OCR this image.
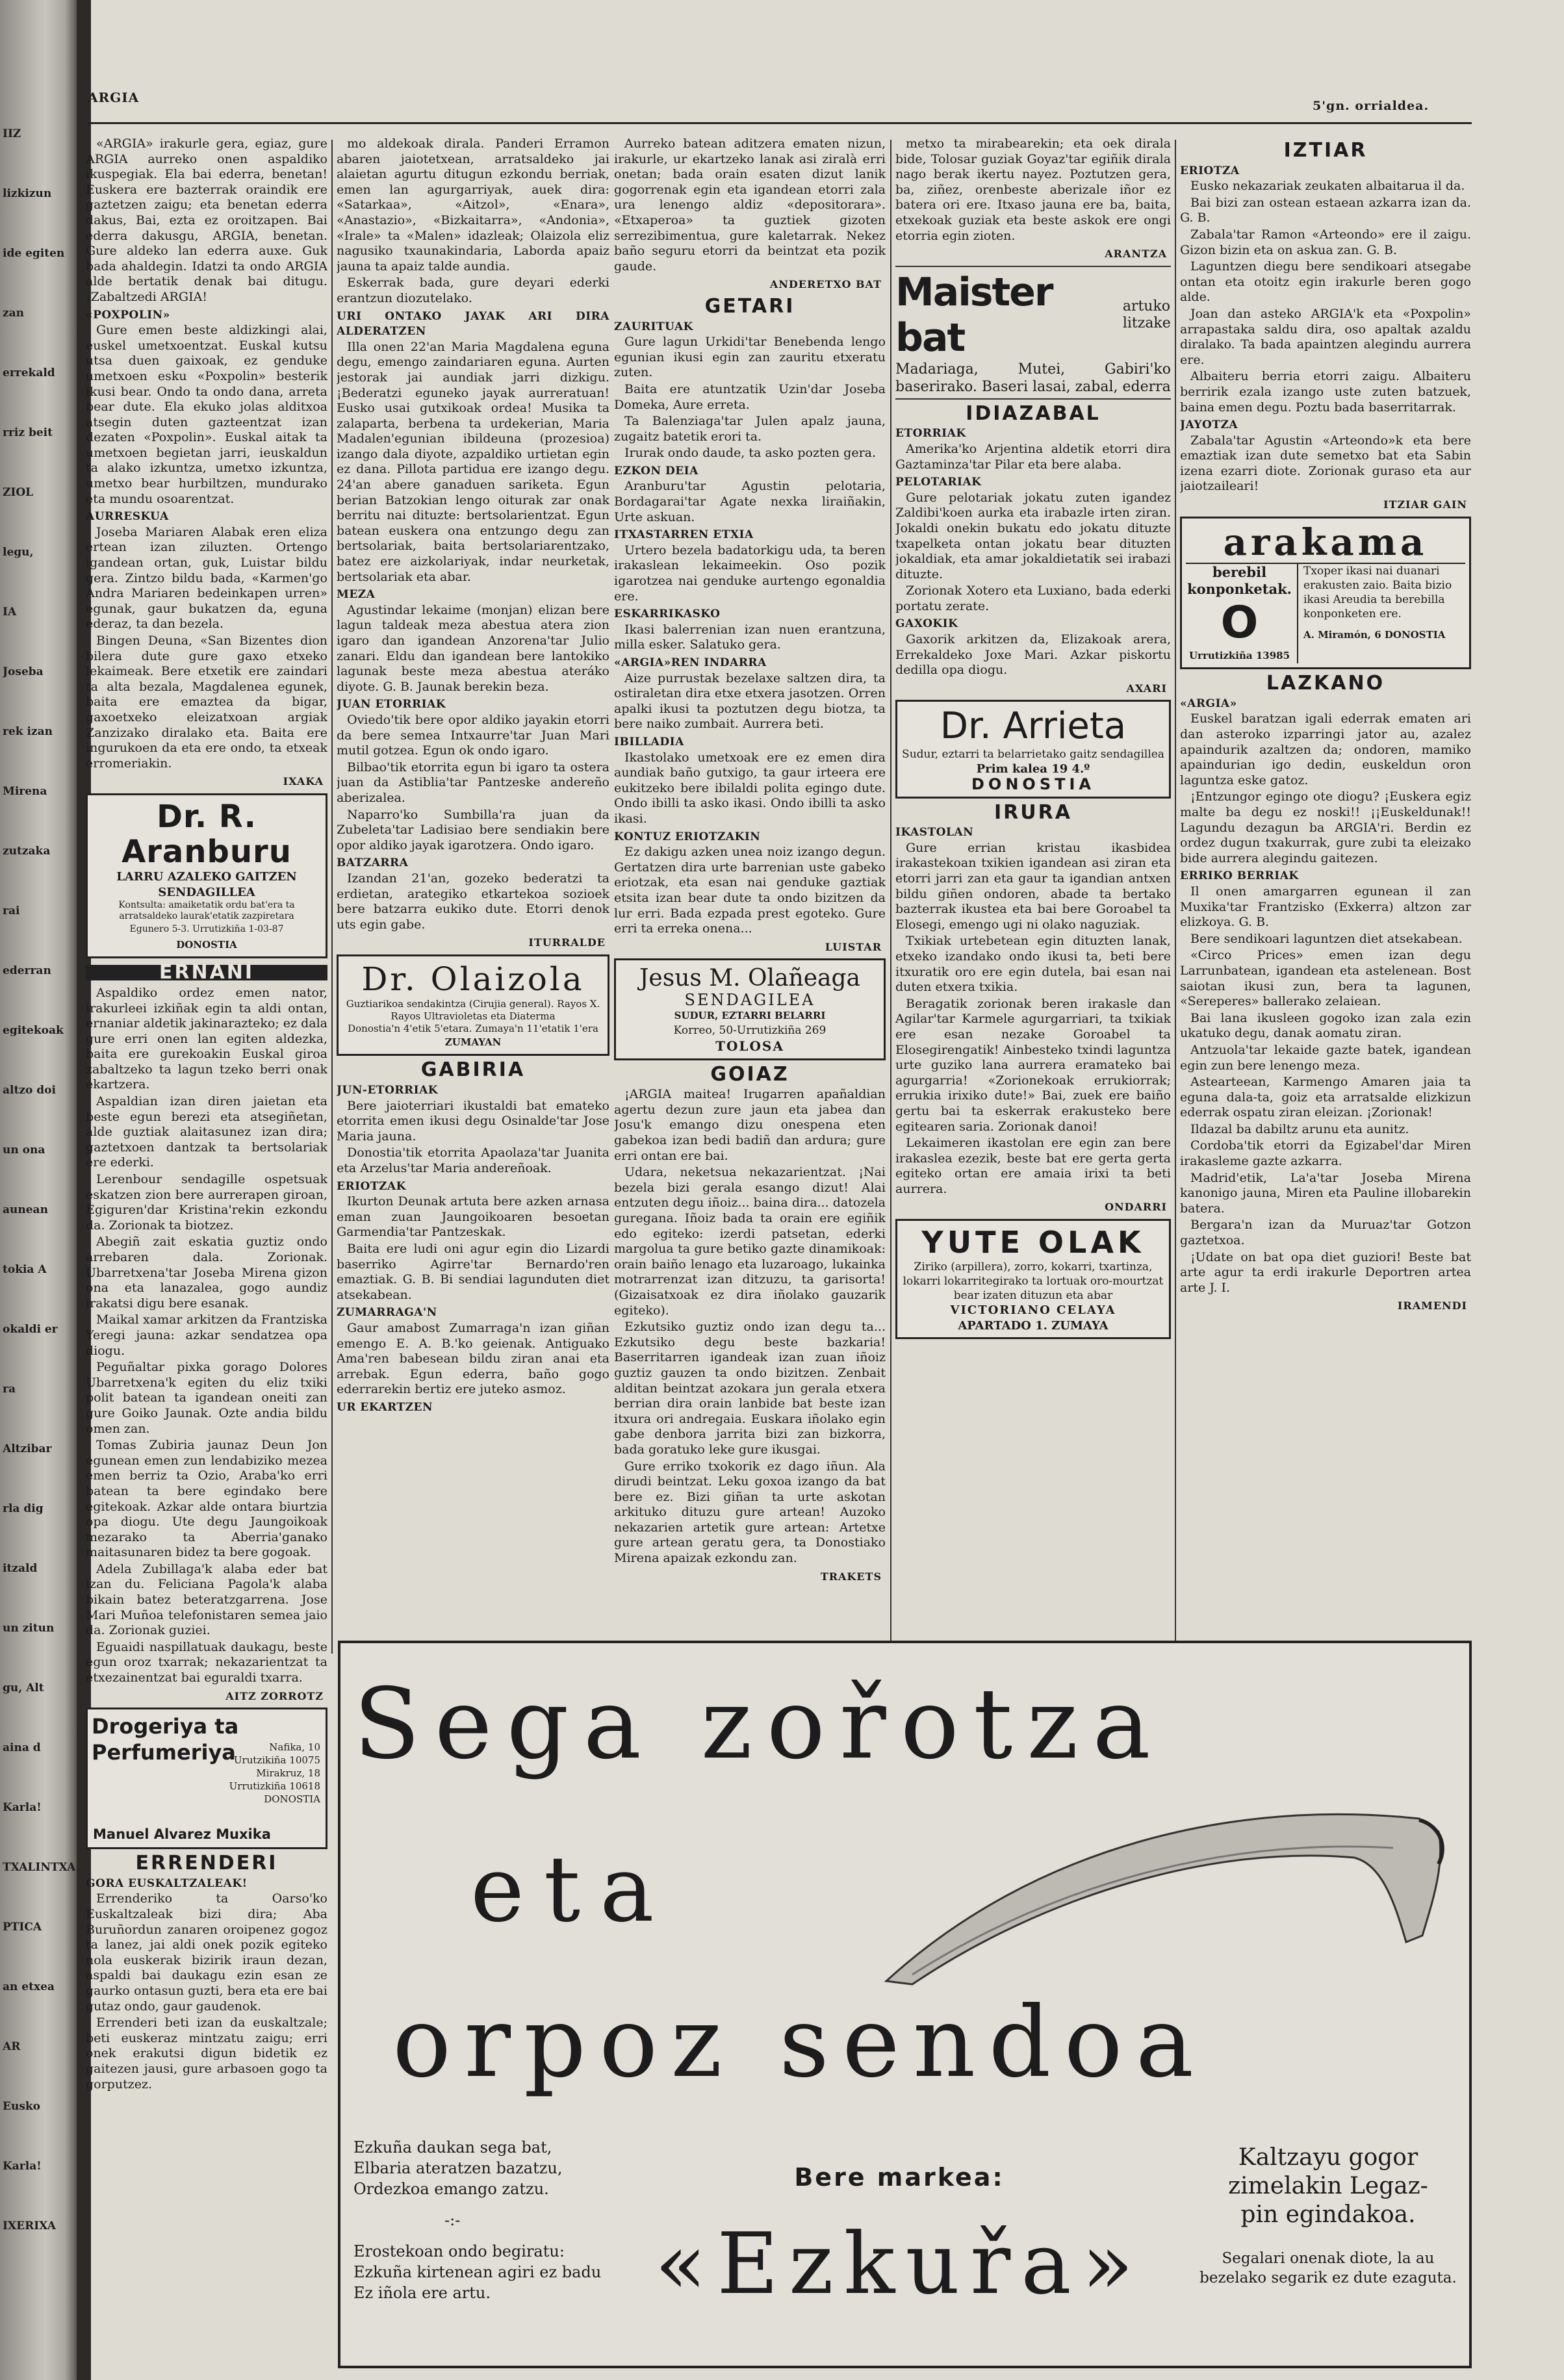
IIZ
lizkizun
ide egiten
zan
errekald
rriz beit
ZIOL
legu,
IA
Joseba
rek izan
Mirena
zutzaka
rai
ederran
egitekoak
altzo doi
un ona
aunean
tokia A
okaldi er
ra
Altzibar
rla dig
itzald
un zitun
gu, Alt
aina d
Karla!
TXALINTXA
PTICA
an etxea
AR
Eusko
Karla!
IXERIXA
ARGIA
5'gn. orrialdea.

«ARGIA» irakurle gera, egiaz, gure ARGIA aurreko onen aspaldiko ikuspegiak. Ela bai ederra, benetan! Euskera ere bazterrak oraindik ere gaztetzen zaigu; eta benetan ederra dakus, Bai, ezta ez oroitzapen. Bai ederra dakusgu, ARGIA, benetan. Gure aldeko lan ederra auxe. Guk bada ahaldegin. Idatzi ta ondo ARGIA alde bertatik denak bai ditugu. ¡Zabaltzedi ARGIA!

«POXPOLIN»

Gure emen beste aldizkingi alai, euskel umetxoentzat. Euskal kutsu utsa duen gaixoak, ez genduke umetxoen esku «Poxpolin» besterik ikusi bear. Ondo ta ondo dana, arreta bear dute. Ela ekuko jolas alditxoa atsegin duten gazteentzat izan dezaten «Poxpolin». Euskal aitak ta umetxoen begietan jarri, ieuskaldun ta alako izkuntza, umetxo izkuntza, umetxo bear hurbiltzen, mundurako eta mundu osoarentzat.

AURRESKUA

Joseba Mariaren Alabak eren eliza ertean izan ziluzten. Ortengo igandean ortan, guk, Luistar bildu gera. Zintzo bildu bada, «Karmen'go Andra Mariaren bedeinkapen urren» egunak, gaur bukatzen da, eguna ederaz, ta dan bezela.

Bingen Deuna, «San Bizentes dion bilera dute gure gaxo etxeko lekaimeak. Bere etxetik ere zaindari ta alta bezala, Magdalenea egunek, baita ere emaztea da bigar, gaxoetxeko eleizatxoan argiak Zanzizako diralako eta. Baita ere ingurukoen da eta ere ondo, ta etxeak erromeriakin.

IXAKA
Dr. R. Aranburu
LARRU AZALEKO GAITZEN
SENDAGILLEA
Kontsulta: amaiketatik ordu bat'era ta arratsaldeko laurak'etatik zazpiretara
Egunero 5-3. Urrutizkiña 1-03-87
DONOSTIA
ERNANI

Aspaldiko ordez emen nator, irakurleei izkiñak egin ta aldi ontan, ernaniar aldetik jakinarazteko; ez dala gure erri onen lan egiten aldezka, baita ere gurekoakin Euskal giroa zabaltzeko ta lagun tzeko berri onak ekartzera.

Aspaldian izan diren jaietan eta beste egun berezi eta atsegiñetan, alde guztiak alaitasunez izan dira; gaztetxoen dantzak ta bertsolariak ere ederki.

Lerenbour sendagille ospetsuak eskatzen zion bere aurrerapen giroan, Egiguren'dar Kristina'rekin ezkondu da. Zorionak ta biotzez.

Abegiñ zait eskatia guztiz ondo arrebaren dala. Zorionak. Ubarretxena'tar Joseba Mirena gizon ona eta lanazalea, gogo aundiz irakatsi digu bere esanak.

Maikal xamar arkitzen da Frantziska Yeregi jauna: azkar sendatzea opa diogu.

Peguñaltar pixka gorago Dolores Ubarretxena'k egiten du eliz txiki polit batean ta igandean oneiti zan gure Goiko Jaunak. Ozte andia bildu omen zan.

Tomas Zubiria jaunaz Deun Jon egunean emen zun lendabiziko mezea emen berriz ta Ozio, Araba'ko erri batean ta bere egindako bere egitekoak. Azkar alde ontara biurtzia opa diogu. Ute degu Jaungoikoak mezarako ta Aberria'ganako maitasunaren bidez ta bere gogoak.

Adela Zubillaga'k alaba eder bat izan du. Feliciana Pagola'k alaba bikain batez beteratzgarrena. Jose Mari Muñoa telefonistaren semea jaio da. Zorionak guziei.

Eguaidi naspillatuak daukagu, beste egun oroz txarrak; nekazarientzat ta etxezainentzat bai eguraldi txarra.

AITZ ZORROTZ
Drogeriya ta
Perfumeriya	Nafika, 10 Urutzikiña 10075 Mirakruz, 18 Urrutizkiña 10618 DONOSTIA
Manuel Alvarez Muxika
ERRENDERI
GORA EUSKALTZALEAK!

Errenderiko ta Oarso'ko Euskaltzaleak bizi dira; Aba Buruñordun zanaren oroipenez gogoz ta lanez, jai aldi onek pozik egiteko nola euskerak bizirik iraun dezan, aspaldi bai daukagu ezin esan ze gaurko ontasun guzti, bera eta ere bai gutaz ondo, gaur gaudenok.

Errenderi beti izan da euskaltzale; beti euskeraz mintzatu zaigu; erri onek erakutsi digun bidetik ez gaitezen jausi, gure arbasoen gogo ta gorputzez.

mo aldekoak dirala. Panderi Erramon abaren jaiotetxean, arratsaldeko jai alaietan agurtu ditugun ezkondu berriak, emen lan agurgarriyak, auek dira: «Satarkaa», «Aitzol», «Enara», «Anastazio», «Bizkaitarra», «Andonia», «Irale» ta «Malen» idazleak; Olaizola eliz nagusiko txaunakindaria, Laborda apaiz jauna ta apaiz talde aundia.

Eskerrak bada, gure deyari ederki erantzun diozutelako.

URI ONTAKO JAYAK ARI DIRA ALDERATZEN

Illa onen 22'an Maria Magdalena eguna degu, emengo zaindariaren eguna. Aurten jestorak jai aundiak jarri dizkigu. ¡Bederatzi eguneko jayak aurreratuan! Eusko usai gutxikoak ordea! Musika ta zalaparta, berbena ta urdekerian, Maria Madalen'egunian ibildeuna (prozesioa) izango dala diyote, azpaldiko urtietan egin ez dana. Pillota partidua ere izango degu. 24'an abere ganaduen sariketa. Egun berian Batzokian lengo oiturak zar onak berritu nai dituzte: bertsolarientzat. Egun batean euskera ona entzungo degu zan bertsolariak, baita bertsolariarentzako, batez ere aizkolariyak, indar neurketak, bertsolariak eta abar.

MEZA

Agustindar lekaime (monjan) elizan bere lagun taldeak meza abestua atera zion igaro dan igandean Anzorena'tar Julio zanari. Eldu dan igandean bere lantokiko lagunak beste meza abestua ateráko diyote. G. B. Jaunak berekin beza.

JUAN ETORRIAK

Oviedo'tik bere opor aldiko jayakin etorri da bere semea Intxaurre'tar Juan Mari mutil gotzea. Egun ok ondo igaro.

Bilbao'tik etorrita egun bi igaro ta ostera juan da Astiblia'tar Pantzeske andereño aberizalea.

Naparro'ko Sumbilla'ra juan da Zubeleta'tar Ladisiao bere sendiakin bere opor aldiko jayak igarotzera. Ondo igaro.

BATZARRA

Izandan 21'an, gozeko bederatzi ta erdietan, arategiko etkartekoa sozioek bere batzarra eukiko dute. Etorri denok uts egin gabe.

ITURRALDE
Dr. Olaizola
Guztiarikoa sendakintza (Cirujia general). Rayos X. Rayos Ultravioletas eta Diaterma
Donostia'n 4'etik 5'etara. Zumaya'n 11'etatik 1'era
ZUMAYAN
GABIRIA
JUN-ETORRIAK

Bere jaioterriari ikustaldi bat emateko etorrita emen ikusi degu Osinalde'tar Jose Maria jauna.

Donostia'tik etorrita Apaolaza'tar Juanita eta Arzelus'tar Maria andereñoak.

ERIOTZAK

Ikurton Deunak artuta bere azken arnasa eman zuan Jaungoikoaren besoetan Garmendia'tar Pantzeskak.

Baita ere ludi oni agur egin dio Lizardi baserriko Agirre'tar Bernardo'ren emaztiak. G. B. Bi sendiai lagunduten diet atsekabean.

ZUMARRAGA'N

Gaur amabost Zumarraga'n izan giñan emengo E. A. B.'ko geienak. Antiguako Ama'ren babesean bildu ziran anai eta arrebak. Egun ederra, baño gogo ederrarekin bertiz ere juteko asmoz.

UR EKARTZEN

Aurreko batean aditzera ematen nizun, irakurle, ur ekartzeko lanak asi ziralà erri onetan; bada orain esaten dizut lanik gogorrenak egin eta igandean etorri zala ura lenengo aldiz «depositorara». «Etxaperoa» ta guztiek gizoten serrezibimentua, gure kaletarrak. Nekez baño seguru etorri da beintzat eta pozik gaude.

ANDERETXO BAT
GETARI
ZAURITUAK

Gure lagun Urkidi'tar Benebenda lengo egunian ikusi egin zan zauritu etxeratu zuten.

Baita ere atuntzatik Uzin'dar Joseba Domeka, Aure erreta.

Ta Balenziaga'tar Julen apalz jauna, zugaitz batetik erori ta.

Irurak ondo daude, ta asko pozten gera.

EZKON DEIA

Aranburu'tar Agustin pelotaria, Bordagarai'tar Agate nexka liraiñakin, Urte askuan.

ITXASTARREN ETXIA

Urtero bezela badatorkigu uda, ta beren irakaslean lekaimeekin. Oso pozik igarotzea nai genduke aurtengo egonaldia ere.

ESKARRIKASKO

Ikasi balerrenian izan nuen erantzuna, milla esker. Salatuko gera.

«ARGIA»REN INDARRA

Aize purrustak bezelaxe saltzen dira, ta ostiraletan dira etxe etxera jasotzen. Orren apalki ikusi ta poztutzen degu biotza, ta bere naiko zumbait. Aurrera beti.

IBILLADIA

Ikastolako umetxoak ere ez emen dira aundiak baño gutxigo, ta gaur irteera ere eukitzeko bere ibilaldi polita egingo dute. Ondo ibilli ta asko ikasi. Ondo ibilli ta asko ikasi.

KONTUZ ERIOTZAKIN

Ez dakigu azken unea noiz izango degun. Gertatzen dira urte barrenian uste gabeko eriotzak, eta esan nai genduke gaztiak etsita izan bear dute ta ondo bizitzen da lur erri. Bada ezpada prest egoteko. Gure erri ta erreka onena...

LUISTAR
Jesus M. Olañeaga
SENDAGILEA
SUDUR, EZTARRI BELARRI
Korreo, 50-Urrutizkiña 269
TOLOSA
GOIAZ

¡ARGIA maitea! Irugarren apañaldian agertu dezun zure jaun eta jabea dan Josu'k emango dizu onespena eten gabekoa izan bedi badiñ dan ardura; gure erri ontan ere bai.

Udara, neketsua nekazarientzat. ¡Nai bezela bizi gerala esango dizut! Alai entzuten degu iñoiz... baina dira... datozela guregana. Iñoiz bada ta orain ere egiñik edo egiteko: izerdi patsetan, ederki margolua ta gure betiko gazte dinamikoak: orain baiño lenago eta luzaroago, lukainka motrarrenzat izan ditzuzu, ta garisorta! (Gizaisatxoak ez dira iñolako gauzarik egiteko).

Ezkutsiko guztiz ondo izan degu ta... Ezkutsiko degu beste bazkaria! Baserritarren igandeak izan zuan iñoiz guztiz gauzen ta ondo bizitzen. Zenbait alditan beintzat azokara jun gerala etxera berrian dira orain lanbide bat beste izan itxura ori andregaia. Euskara iñolako egin gabe denbora jarrita bizi zan bizkorra, bada goratuko leke gure ikusgai.

Gure erriko txokorik ez dago iñun. Ala dirudi beintzat. Leku goxoa izango da bat bere ez. Bizi giñan ta urte askotan arkituko dituzu gure artean! Auzoko nekazarien artetik gure artean: Artetxe gure artean geratu gera, ta Donostiako Mirena apaizak ezkondu zan.

TRAKETS

metxo ta mirabearekin; eta oek dirala bide, Tolosar guziak Goyaz'tar egiñik dirala nago berak ikertu nayez. Poztutzen gera, ba, ziñez, orenbeste aberizale iñor ez batera ori ere. Itxaso jauna ere ba, baita, etxekoak guziak eta beste askok ere ongi etorria egin zioten.

ARANTZA
Maister bat
artuko litzake
Madariaga, Mutei, Gabiri'ko baserirako. Baseri lasai, zabal, ederra
IDIAZABAL
ETORRIAK

Amerika'ko Arjentina aldetik etorri dira Gaztaminza'tar Pilar eta bere alaba.

PELOTARIAK

Gure pelotariak jokatu zuten igandez Zaldibi'koen aurka eta irabazle irten ziran. Jokaldi onekin bukatu edo jokatu dituzte txapelketa ontan jokatu bear dituzten jokaldiak, eta amar jokaldietatik sei irabazi dituzte.

Zorionak Xotero eta Luxiano, bada ederki portatu zerate.

GAXOKIK

Gaxorik arkitzen da, Elizakoak arera, Errekaldeko Joxe Mari. Azkar piskortu dedilla opa diogu.

AXARI
Dr. Arrieta
Sudur, eztarri ta belarrietako gaitz sendagillea
Prim kalea 19 4.º
DONOSTIA
IRURA
IKASTOLAN

Gure errian kristau ikasbidea irakastekoan txikien igandean asi ziran eta etorri jarri zan eta gaur ta igandian antxen bildu giñen ondoren, abade ta bertako bazterrak ikustea eta bai bere Goroabel ta Elosegi, emengo ugi ni olako naguziak.

Txikiak urtebetean egin dituzten lanak, etxeko izandako ondo ikusi ta, beti bere itxuratik oro ere egin dutela, bai esan nai duten etxera txikia.

Beragatik zorionak beren irakasle dan Agilar'tar Karmele agurgarriari, ta txikiak ere esan nezake Goroabel ta Elosegirengatik! Ainbesteko txindi laguntza urte guziko lana aurrera eramateko bai agurgarria! «Zorionekoak errukiorrak; errukia irixiko dute!» Bai, zuek ere baiño gertu bai ta eskerrak erakusteko bere egitearen saria. Zorionak danoi!

Lekaimeren ikastolan ere egin zan bere irakaslea ezezik, beste bat ere gerta gerta egiteko ortan ere amaia irixi ta beti aurrera.

ONDARRI
YUTE OLAK
Ziriko (arpillera), zorro, kokarri, txartinza, lokarri lokarritegirako ta lortuak oro-mourtzat bear izaten dituzun eta abar
VICTORIANO CELAYA
APARTADO 1. ZUMAYA
IZTIAR
ERIOTZA

Eusko nekazariak zeukaten albaitarua il da.

Bai bizi zan ostean estaean azkarra izan da. G. B.

Zabala'tar Ramon «Arteondo» ere il zaigu. Gizon bizin eta on askua zan. G. B.

Laguntzen diegu bere sendikoari atsegabe ontan eta otoitz egin irakurle beren gogo alde.

Joan dan asteko ARGIA'k eta «Poxpolin» arrapastaka saldu dira, oso apaltak azaldu diralako. Ta bada apaintzen alegindu aurrera ere.

Albaiteru berria etorri zaigu. Albaiteru berririk ezala izango uste zuten batzuek, baina emen degu. Poztu bada baserritarrak.

JAYOTZA

Zabala'tar Agustin «Arteondo»k eta bere emaztiak izan dute semetxo bat eta Sabin izena ezarri diote. Zorionak guraso eta aur jaiotzaileari!

ITZIAR GAIN
arakama
berebil konponketak.
O
Urrutizkiña 13985
Txoper ikasi nai duanari erakusten zaio. Baita bizio ikasi Areudia ta berebilla konponketen ere.
A. Miramón, 6 DONOSTIA
LAZKANO
«ARGIA»

Euskel baratzan igali ederrak ematen ari dan asteroko izparringi jator au, azalez apaindurik azaltzen da; ondoren, mamiko apaindurian igo dedin, euskeldun oron laguntza eske gatoz.

¡Entzungor egingo ote diogu? ¡Euskera egiz malte ba degu ez noski!! ¡¡Euskeldunak!! Lagundu dezagun ba ARGIA'ri. Berdin ez ordez dugun txakurrak, gure zubi ta eleizako bide aurrera alegindu gaitezen.

ERRIKO BERRIAK

Il onen amargarren egunean il zan Muxika'tar Frantzisko (Exkerra) altzon zar elizkoya. G. B.

Bere sendikoari laguntzen diet atsekabean.

«Circo Prices» emen izan degu Larrunbatean, igandean eta astelenean. Bost saiotan ikusi zun, bera ta lagunen, «Sereperes» ballerako zelaiean.

Bai lana ikusleen gogoko izan zala ezin ukatuko degu, danak aomatu ziran.

Antzuola'tar lekaide gazte batek, igandean egin zun bere lenengo meza.

Astearteean, Karmengo Amaren jaia ta eguna dala-ta, goiz eta arratsalde elizkizun ederrak ospatu ziran eleizan. ¡Zorionak!

Ildazal ba dabiltz arunu eta aunitz.

Cordoba'tik etorri da Egizabel'dar Miren irakasleme gazte azkarra.

Madrid'etik, La'a'tar Joseba Mirena kanonigo jauna, Miren eta Pauline illobarekin batera.

Bergara'n izan da Muruaz'tar Gotzon gaztetxoa.

¡Udate on bat opa diet guziori! Beste bat arte agur ta erdi irakurle Deportren artea arte J. I.

IRAMENDI
Sega zořotza
eta
orpoz sendoa
Ezkuña daukan sega bat,
Elbaria ateratzen bazatzu,
Ordezkoa emango zatzu.
-:-
Erostekoan ondo begiratu:
Ezkuña kirtenean agiri ez badu
Ez iñola ere artu.
Bere markea:
«Ezkuřa»
Kaltzayu gogor
zimelakin Legaz-
pin egindakoa.
Segalari onenak diote, la au bezelako segarik ez dute ezaguta.
